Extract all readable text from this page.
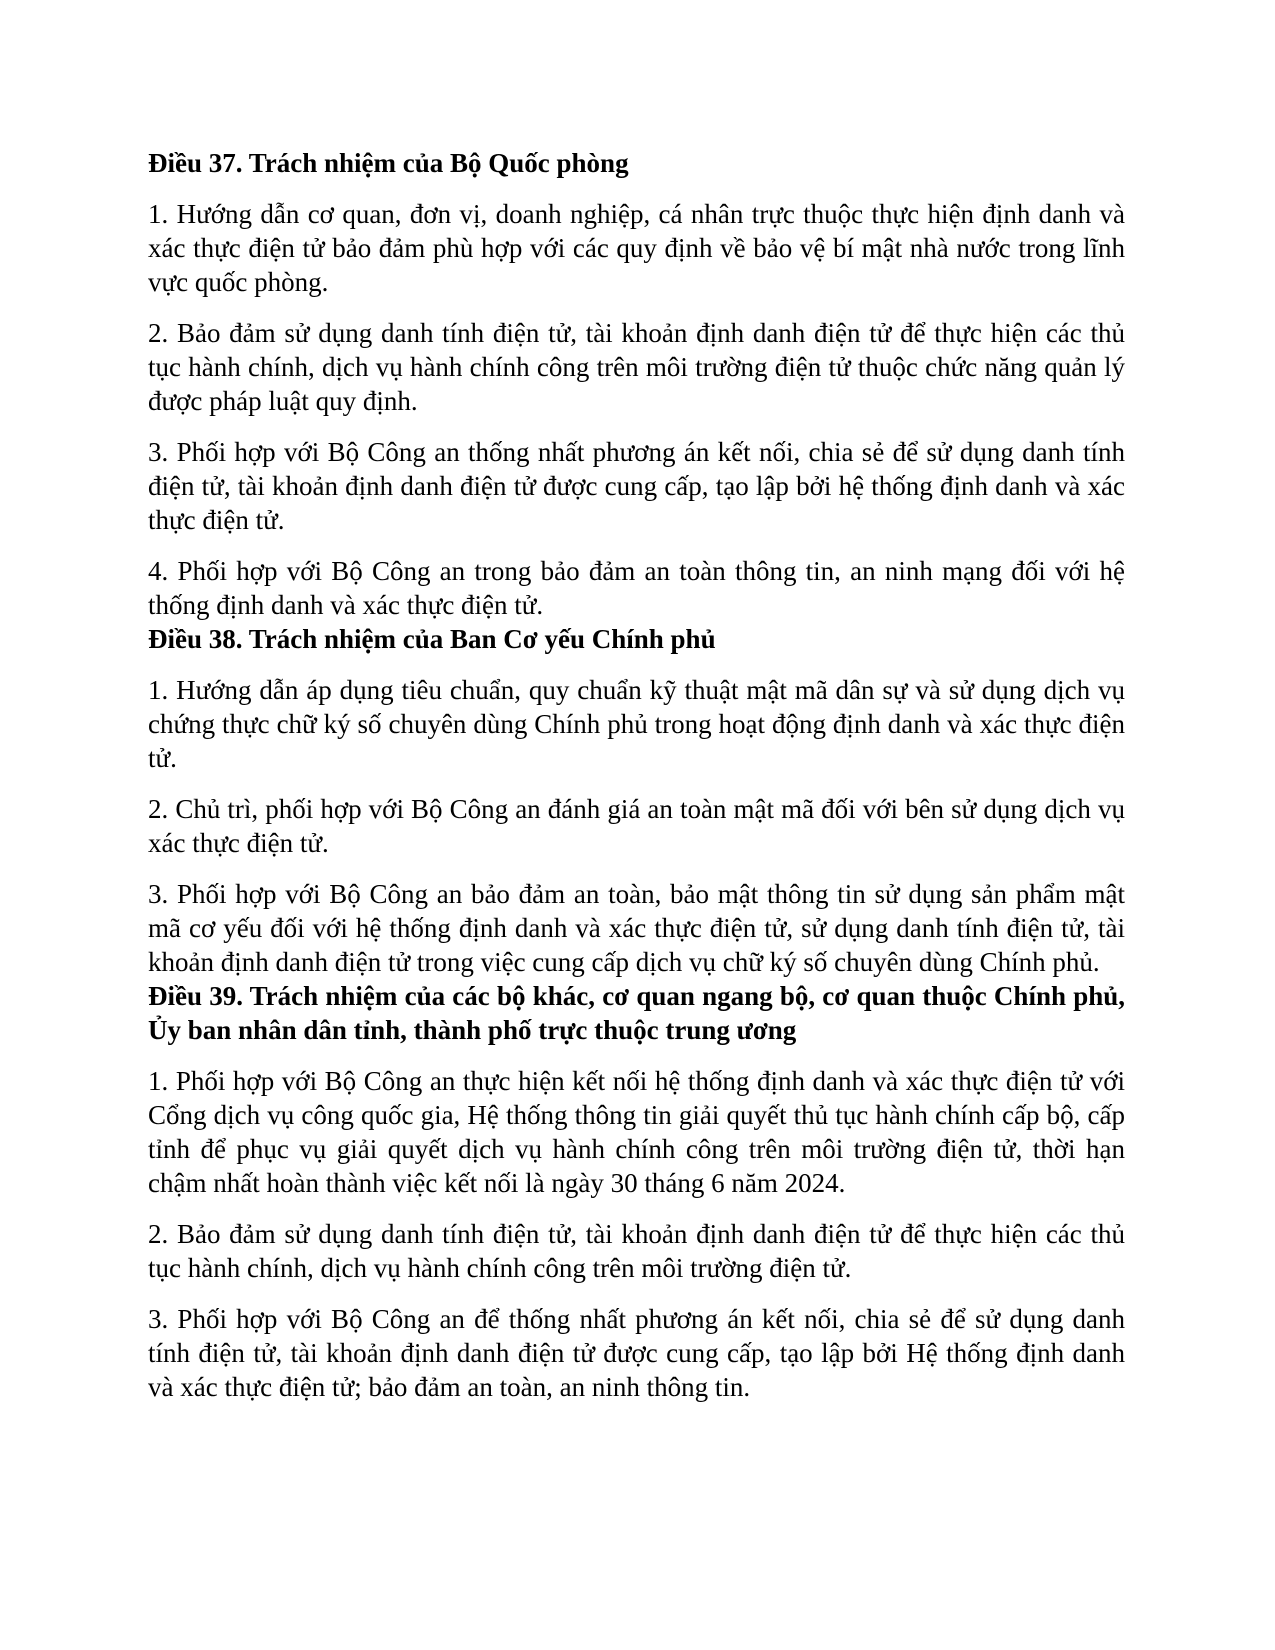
Điều 37. Trách nhiệm của Bộ Quốc phòng

1. Hướng dẫn cơ quan, đơn vị, doanh nghiệp, cá nhân trực thuộc thực hiện định danh và xác thực điện tử bảo đảm phù hợp với các quy định về bảo vệ bí mật nhà nước trong lĩnh vực quốc phòng.

2. Bảo đảm sử dụng danh tính điện tử, tài khoản định danh điện tử để thực hiện các thủ tục hành chính, dịch vụ hành chính công trên môi trường điện tử thuộc chức năng quản lý được pháp luật quy định.

3. Phối hợp với Bộ Công an thống nhất phương án kết nối, chia sẻ để sử dụng danh tính điện tử, tài khoản định danh điện tử được cung cấp, tạo lập bởi hệ thống định danh và xác thực điện tử.

4. Phối hợp với Bộ Công an trong bảo đảm an toàn thông tin, an ninh mạng đối với hệ thống định danh và xác thực điện tử.

Điều 38. Trách nhiệm của Ban Cơ yếu Chính phủ

1. Hướng dẫn áp dụng tiêu chuẩn, quy chuẩn kỹ thuật mật mã dân sự và sử dụng dịch vụ chứng thực chữ ký số chuyên dùng Chính phủ trong hoạt động định danh và xác thực điện tử.

2. Chủ trì, phối hợp với Bộ Công an đánh giá an toàn mật mã đối với bên sử dụng dịch vụ xác thực điện tử.

3. Phối hợp với Bộ Công an bảo đảm an toàn, bảo mật thông tin sử dụng sản phẩm mật mã cơ yếu đối với hệ thống định danh và xác thực điện tử, sử dụng danh tính điện tử, tài khoản định danh điện tử trong việc cung cấp dịch vụ chữ ký số chuyên dùng Chính phủ.

Điều 39. Trách nhiệm của các bộ khác, cơ quan ngang bộ, cơ quan thuộc Chính phủ, Ủy ban nhân dân tỉnh, thành phố trực thuộc trung ương

1. Phối hợp với Bộ Công an thực hiện kết nối hệ thống định danh và xác thực điện tử với Cổng dịch vụ công quốc gia, Hệ thống thông tin giải quyết thủ tục hành chính cấp bộ, cấp tỉnh để phục vụ giải quyết dịch vụ hành chính công trên môi trường điện tử, thời hạn chậm nhất hoàn thành việc kết nối là ngày 30 tháng 6 năm 2024.

2. Bảo đảm sử dụng danh tính điện tử, tài khoản định danh điện tử để thực hiện các thủ tục hành chính, dịch vụ hành chính công trên môi trường điện tử.

3. Phối hợp với Bộ Công an để thống nhất phương án kết nối, chia sẻ để sử dụng danh tính điện tử, tài khoản định danh điện tử được cung cấp, tạo lập bởi Hệ thống định danh và xác thực điện tử; bảo đảm an toàn, an ninh thông tin.
